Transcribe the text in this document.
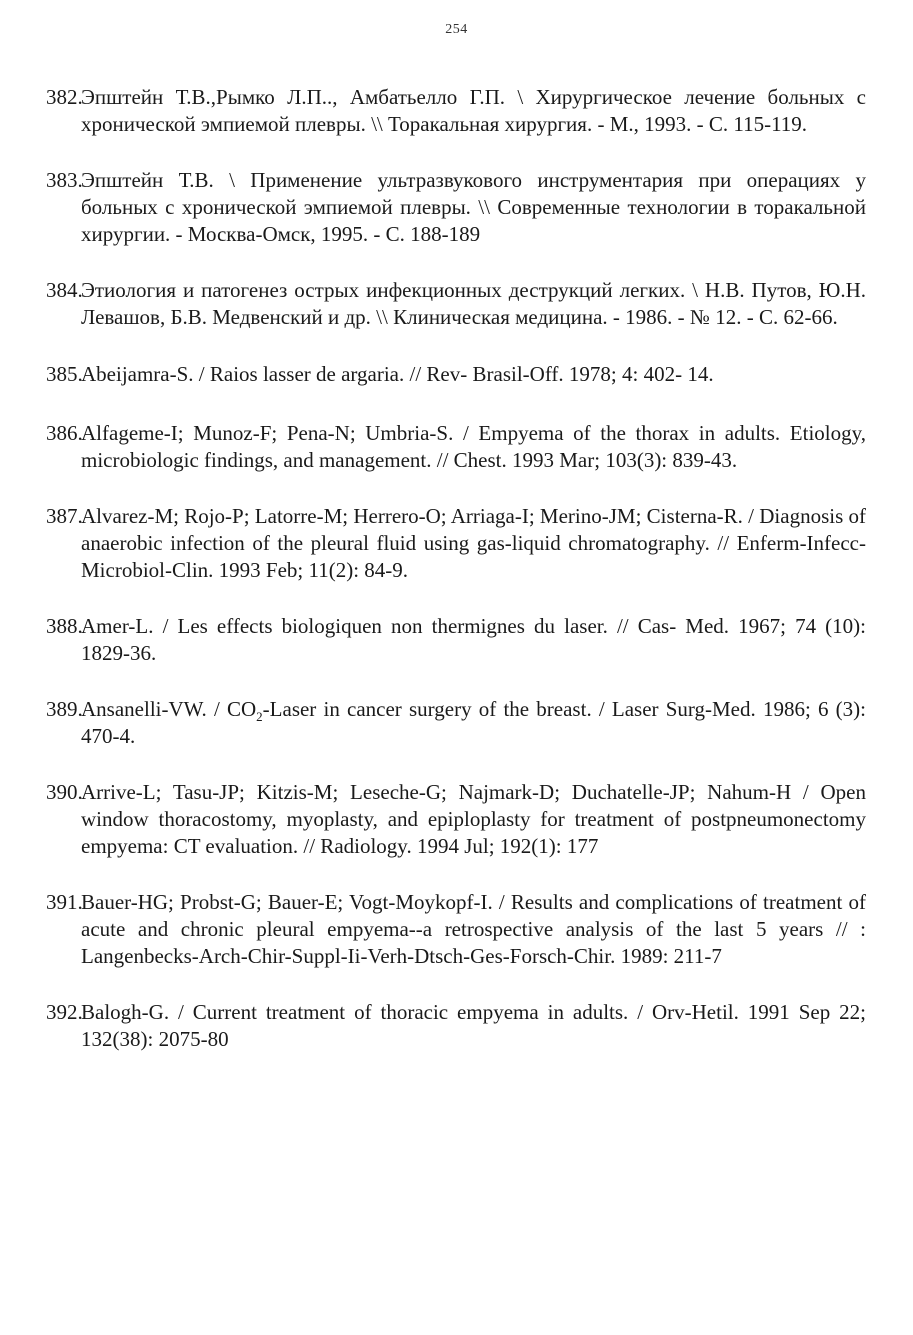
254
382.
Эпштейн Т.В.,Рымко Л.П.., Амбатьелло Г.П. \ Хирургическое лечение больных с хронической эмпиемой плевры. \\ Торакальная хирургия. - М., 1993. - С. 115-119.
383.
Эпштейн Т.В. \ Применение ультразвукового инструментария при операциях у больных с хронической эмпиемой плевры. \\ Современные технологии в торакальной хирургии. - Москва-Омск, 1995. - С. 188-189
384.
Этиология и патогенез острых инфекционных деструкций легких. \ Н.В. Путов, Ю.Н. Левашов, Б.В. Медвенский и др. \\ Клиническая медицина. - 1986. - № 12. - С. 62-66.
385.
Abeijamra-S. / Raios lasser de argaria. // Rev- Brasil-Off. 1978; 4: 402- 14.
386.
Alfageme-I; Munoz-F; Pena-N; Umbria-S. / Empyema of the thorax in adults. Etiology, microbiologic findings, and management. // Chest. 1993 Mar; 103(3): 839-43.
387.
Alvarez-M; Rojo-P; Latorre-M; Herrero-O; Arriaga-I; Merino-JM; Cisterna-R. / Diagnosis of anaerobic infection of the pleural fluid using gas-liquid chromatography. // Enferm-Infecc-Microbiol-Clin. 1993 Feb; 11(2): 84-9.
388.
Amer-L. / Les effects biologiquen non thermignes du laser. // Cas- Med. 1967; 74 (10): 1829-36.
389.
Ansanelli-VW. / $CO_2$-Laser in cancer surgery of the breast. / Laser Surg-Med. 1986; 6 (3): 470-4.
390.
Arrive-L; Tasu-JP; Kitzis-M; Leseche-G; Najmark-D; Duchatelle-JP; Nahum-H / Open window thoracostomy, myoplasty, and epiploplasty for treatment of postpneumonectomy empyema: CT evaluation. // Radiology. 1994 Jul; 192(1): 177
391.
Bauer-HG; Probst-G; Bauer-E; Vogt-Moykopf-I. / Results and complications of treatment of acute and chronic pleural empyema--a retrospective analysis of the last 5 years // : Langenbecks-Arch-Chir-Suppl-Ii-Verh-Dtsch-Ges-Forsch-Chir. 1989: 211-7
392.
Balogh-G. / Current treatment of thoracic empyema in adults. / Orv-Hetil. 1991 Sep 22; 132(38): 2075-80
